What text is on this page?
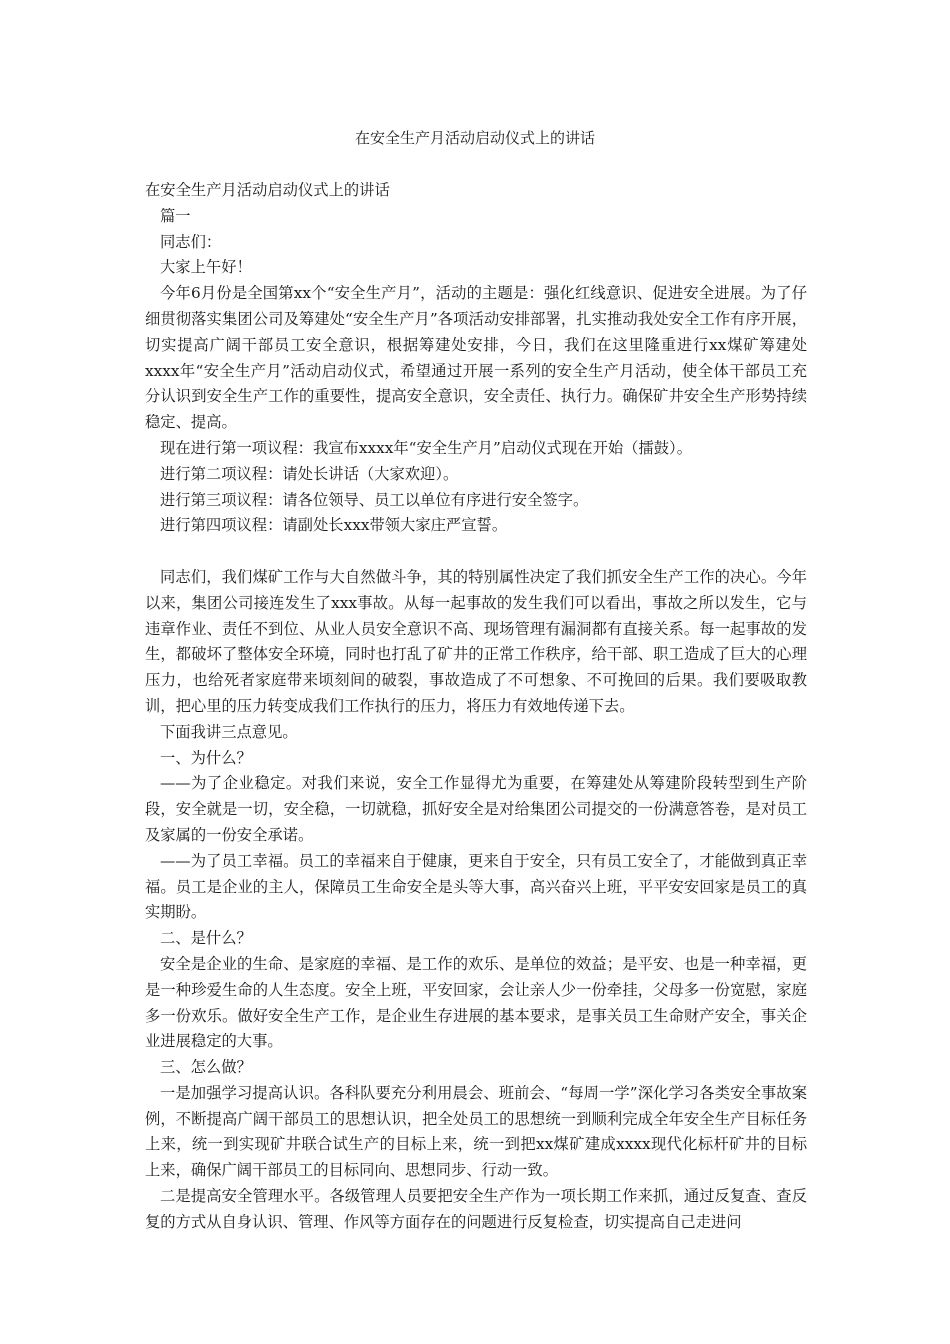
在安全生产月活动启动仪式上的讲话

在安全生产月活动启动仪式上的讲话

篇一

同志们：

大家上午好！

今年6月份是全国第xx个“安全生产月”，活动的主题是：强化红线意识、促进安全进展。为了仔细贯彻落实集团公司及筹建处“安全生产月”各项活动安排部署，扎实推动我处安全工作有序开展，切实提高广阔干部员工安全意识，根据筹建处安排，今日，我们在这里隆重进行xx煤矿筹建处xxxx年“安全生产月”活动启动仪式，希望通过开展一系列的安全生产月活动，使全体干部员工充分认识到安全生产工作的重要性，提高安全意识，安全责任、执行力。确保矿井安全生产形势持续稳定、提高。

现在进行第一项议程：我宣布xxxx年“安全生产月”启动仪式现在开始（擂鼓）。

进行第二项议程：请处长讲话（大家欢迎）。

进行第三项议程：请各位领导、员工以单位有序进行安全签字。

进行第四项议程：请副处长xxx带领大家庄严宣誓。

同志们，我们煤矿工作与大自然做斗争，其的特别属性决定了我们抓安全生产工作的决心。今年以来，集团公司接连发生了xxx事故。从每一起事故的发生我们可以看出，事故之所以发生，它与违章作业、责任不到位、从业人员安全意识不高、现场管理有漏洞都有直接关系。每一起事故的发生，都破坏了整体安全环境，同时也打乱了矿井的正常工作秩序，给干部、职工造成了巨大的心理压力，也给死者家庭带来顷刻间的破裂，事故造成了不可想象、不可挽回的后果。我们要吸取教训，把心里的压力转变成我们工作执行的压力，将压力有效地传递下去。

下面我讲三点意见。

一、为什么？

——为了企业稳定。对我们来说，安全工作显得尤为重要，在筹建处从筹建阶段转型到生产阶段，安全就是一切，安全稳，一切就稳，抓好安全是对给集团公司提交的一份满意答卷，是对员工及家属的一份安全承诺。

——为了员工幸福。员工的幸福来自于健康，更来自于安全，只有员工安全了，才能做到真正幸福。员工是企业的主人，保障员工生命安全是头等大事，高兴奋兴上班，平平安安回家是员工的真实期盼。

二、是什么？

安全是企业的生命、是家庭的幸福、是工作的欢乐、是单位的效益；是平安、也是一种幸福，更是一种珍爱生命的人生态度。安全上班，平安回家，会让亲人少一份牵挂，父母多一份宽慰，家庭多一份欢乐。做好安全生产工作，是企业生存进展的基本要求，是事关员工生命财产安全，事关企业进展稳定的大事。

三、怎么做？

一是加强学习提高认识。各科队要充分利用晨会、班前会、“每周一学”深化学习各类安全事故案例，不断提高广阔干部员工的思想认识，把全处员工的思想统一到顺利完成全年安全生产目标任务上来，统一到实现矿井联合试生产的目标上来，统一到把xx煤矿建成xxxx现代化标杆矿井的目标上来，确保广阔干部员工的目标同向、思想同步、行动一致。

二是提高安全管理水平。各级管理人员要把安全生产作为一项长期工作来抓，通过反复查、查反复的方式从自身认识、管理、作风等方面存在的问题进行反复检查，切实提高自己走进问
